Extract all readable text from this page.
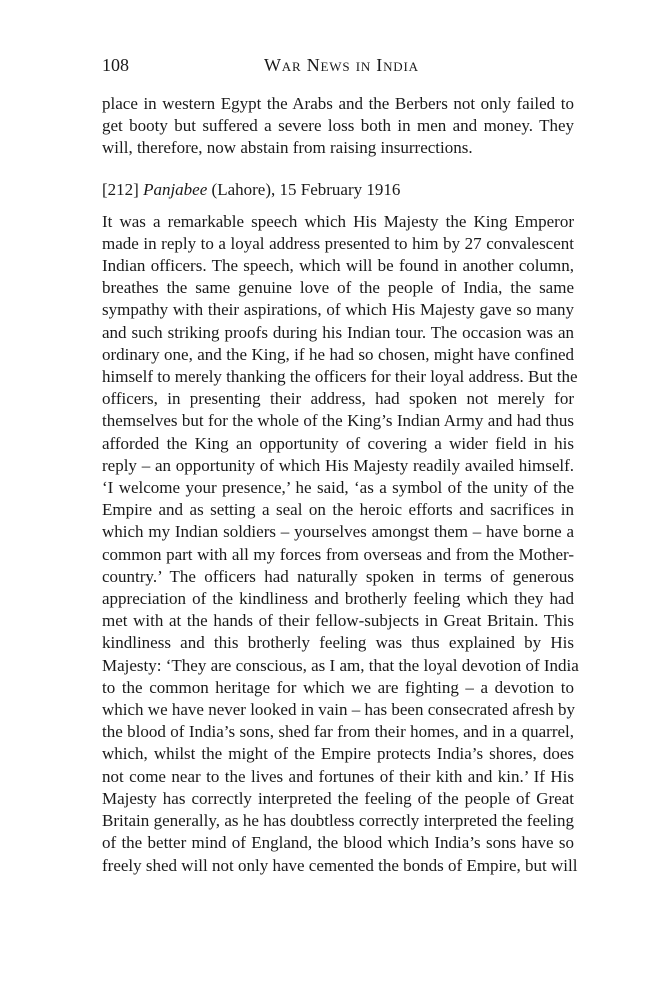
108	War News in India

place in western Egypt the Arabs and the Berbers not only failed to
get booty but suffered a severe loss both in men and money. They
will, therefore, now abstain from raising insurrections.

[212] Panjabee (Lahore), 15 February 1916

It was a remarkable speech which His Majesty the King Emperor
made in reply to a loyal address presented to him by 27 convalescent
Indian officers. The speech, which will be found in another column,
breathes the same genuine love of the people of India, the same
sympathy with their aspirations, of which His Majesty gave so many
and such striking proofs during his Indian tour. The occasion was an
ordinary one, and the King, if he had so chosen, might have confined
himself to merely thanking the officers for their loyal address. But the
officers, in presenting their address, had spoken not merely for
themselves but for the whole of the King’s Indian Army and had thus
afforded the King an opportunity of covering a wider field in his
reply – an opportunity of which His Majesty readily availed himself.
‘I welcome your presence,’ he said, ‘as a symbol of the unity of the
Empire and as setting a seal on the heroic efforts and sacrifices in
which my Indian soldiers – yourselves amongst them – have borne a
common part with all my forces from overseas and from the Mother-
country.’ The officers had naturally spoken in terms of generous
appreciation of the kindliness and brotherly feeling which they had
met with at the hands of their fellow-subjects in Great Britain. This
kindliness and this brotherly feeling was thus explained by His
Majesty: ‘They are conscious, as I am, that the loyal devotion of India
to the common heritage for which we are fighting – a devotion to
which we have never looked in vain – has been consecrated afresh by
the blood of India’s sons, shed far from their homes, and in a quarrel,
which, whilst the might of the Empire protects India’s shores, does
not come near to the lives and fortunes of their kith and kin.’ If His
Majesty has correctly interpreted the feeling of the people of Great
Britain generally, as he has doubtless correctly interpreted the feeling
of the better mind of England, the blood which India’s sons have so
freely shed will not only have cemented the bonds of Empire, but will
